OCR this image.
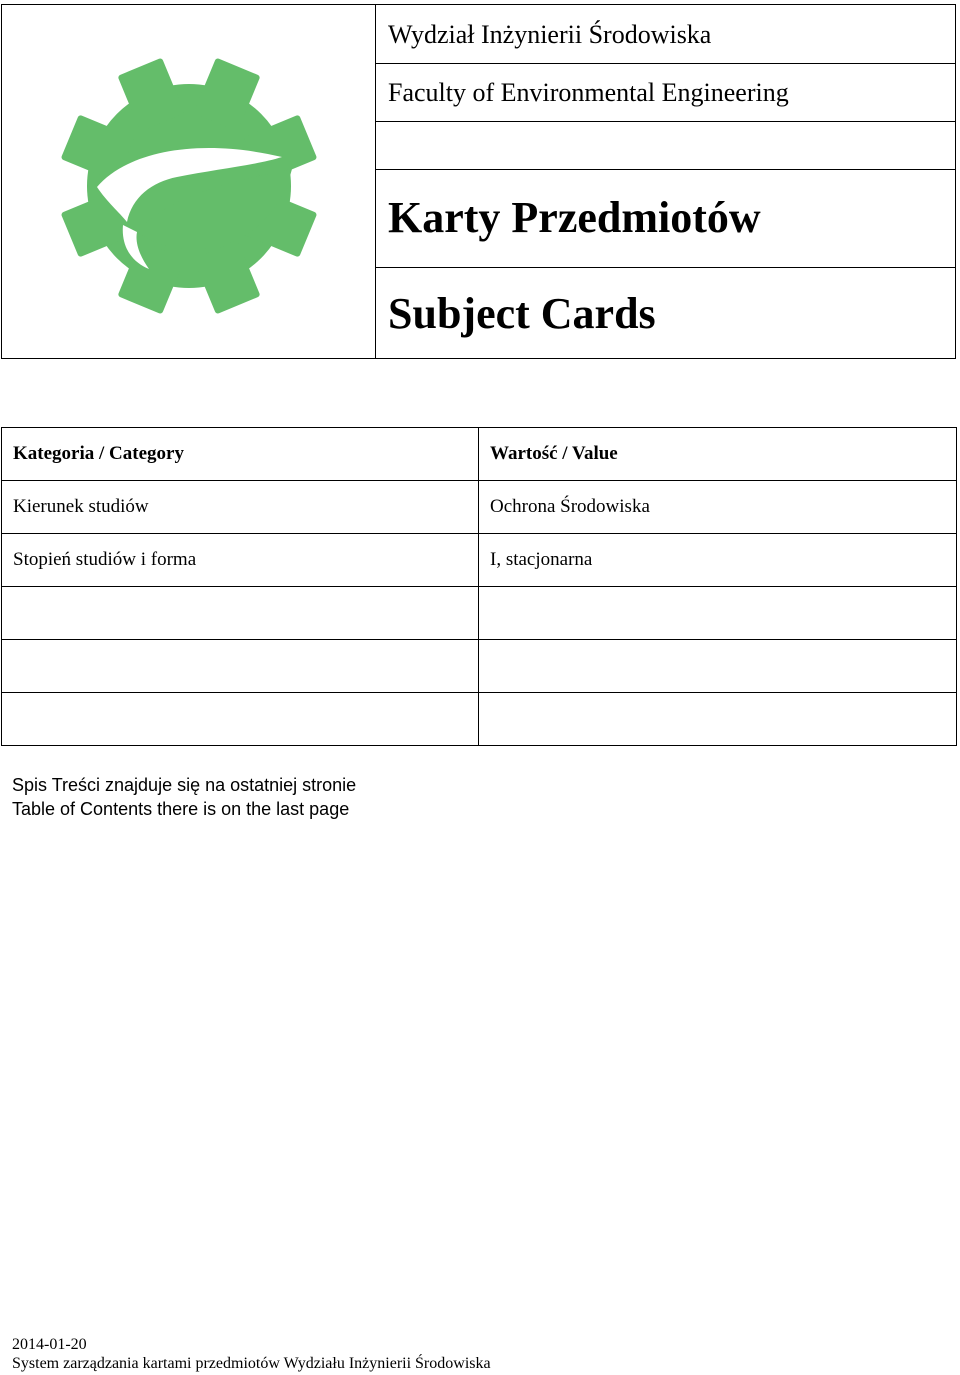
Wydział Inżynierii Środowiska
Faculty of Environmental Engineering
Karty Przedmiotów
Subject Cards
Kategoria / Category	Wartość / Value
Kierunek studiów	Ochrona Środowiska
Stopień studiów i forma	I, stacjonarna

Spis Treści znajduje się na ostatniej stronie
Table of Contents there is on the last page
2014-01-20
System zarządzania kartami przedmiotów Wydziału Inżynierii Środowiska
